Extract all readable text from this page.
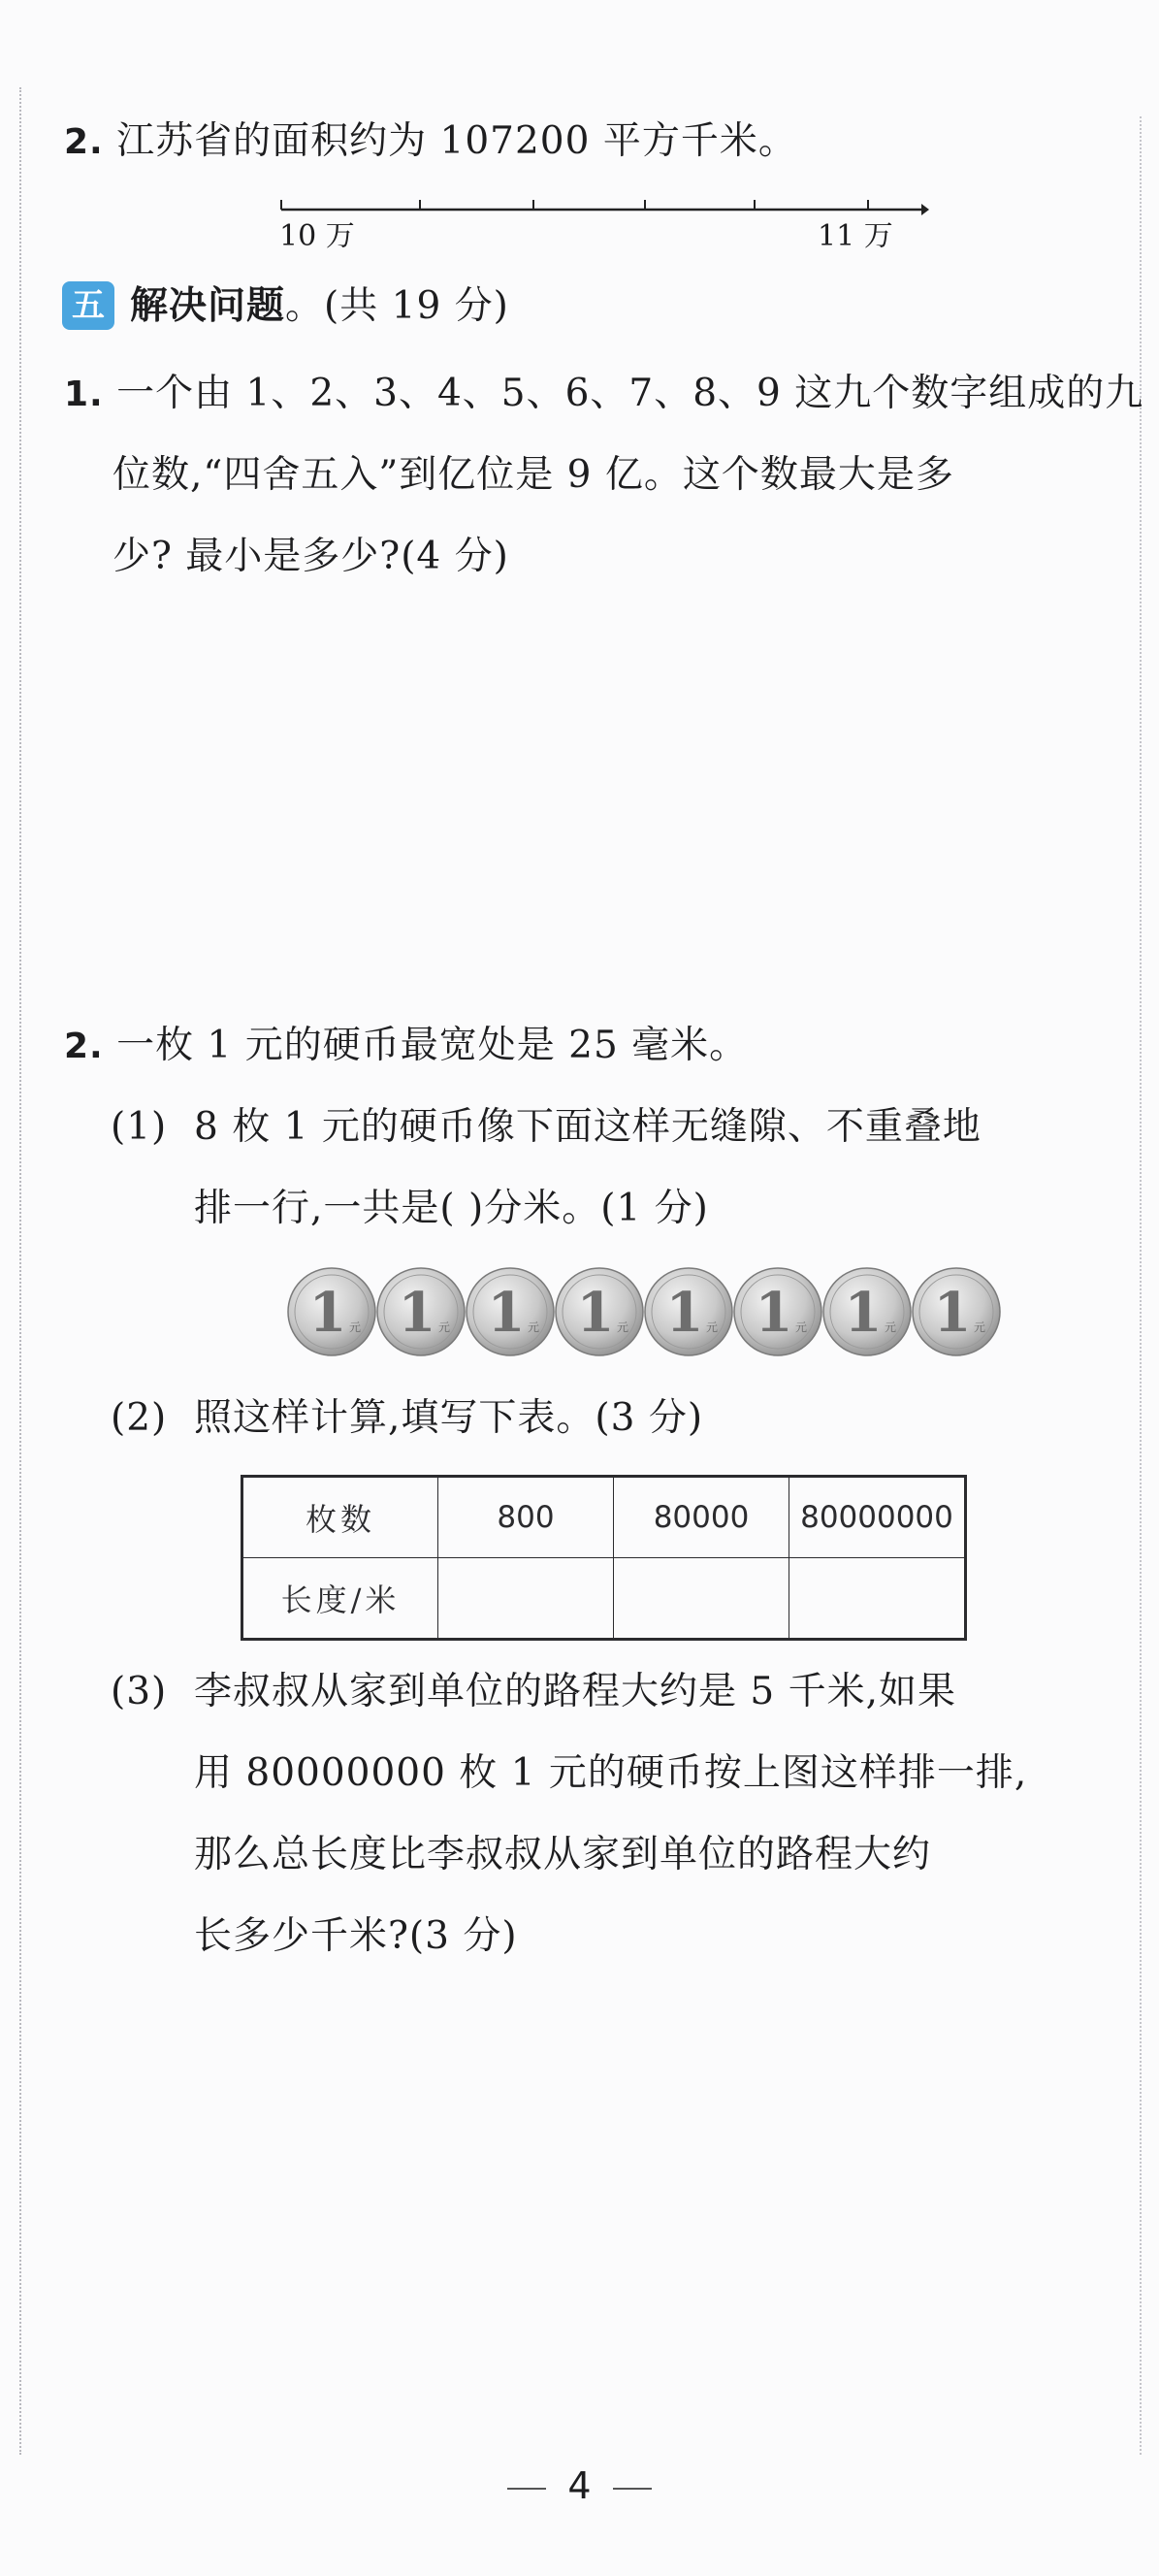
2. 江苏省的面积约为 107200 平方千米。
10 万	11 万
五 解决问题。(共 19 分)
1. 一个由 1、2、3、4、5、6、7、8、9 这九个数字组成的九
位数,“四舍五入”到亿位是 9 亿。这个数最大是多
少? 最小是多少?(4 分)
2. 一枚 1 元的硬币最宽处是 25 毫米。
(1) 8 枚 1 元的硬币像下面这样无缝隙、不重叠地
排一行,一共是( )分米。(1 分)
1 元 1 元 1 元 1 元 1 元 1 元 1 元 1 元
(2) 照这样计算,填写下表。(3 分)
枚数	800	80000	80000000
长度/米			
(3) 李叔叔从家到单位的路程大约是 5 千米,如果
用 80000000 枚 1 元的硬币按上图这样排一排,
那么总长度比李叔叔从家到单位的路程大约
长多少千米?(3 分)
4
